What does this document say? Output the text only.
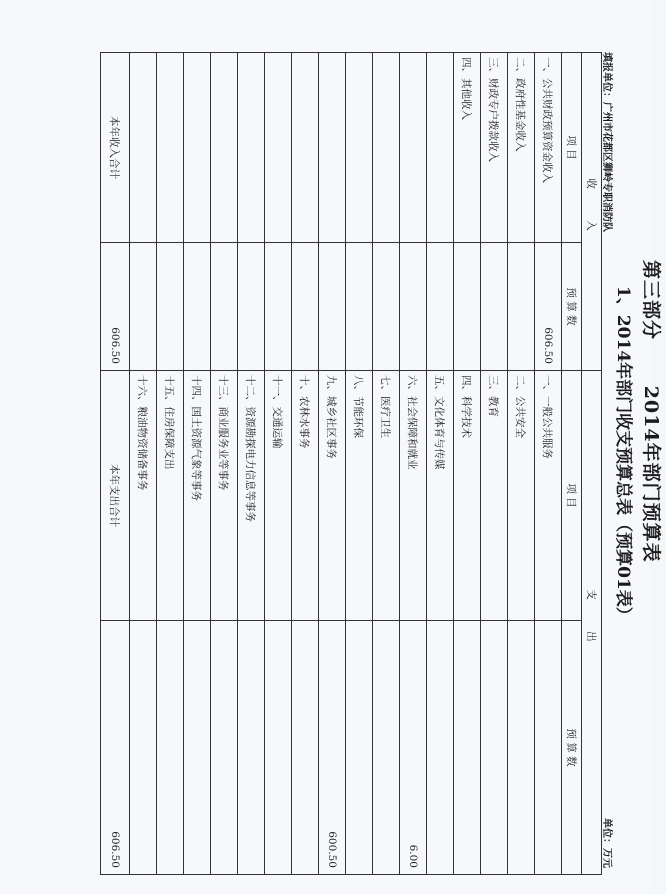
第三部分      2014年部门预算表
1、2014年部门收支预算总表（预算01表）
填报单位：广州市花都区狮岭专职消防队
单位：万元
收 入		支 出	
项 目	预 算 数	项 目	预 算 数
一、公共财政预算资金收入	606.50	一、一般公共服务	
二、政府性基金收入		二、公共安全	
三、财政专户拨款收入		三、教育	
四、其他收入		四、科学技术	
		五、文化体育与传媒	
		六、社会保障和就业	6.00
		七、医疗卫生	
		八、节能环保	
		九、城乡社区事务	600.50
		十、农林水事务	
		十一、交通运输	
		十二、资源勘探电力信息等事务	
		十三、商业服务业等事务	
		十四、国土资源气象等事务	
		十五、住房保障支出	
		十六、粮油物资储备事务	
本年收入合计	606.50	本年支出合计	606.50
